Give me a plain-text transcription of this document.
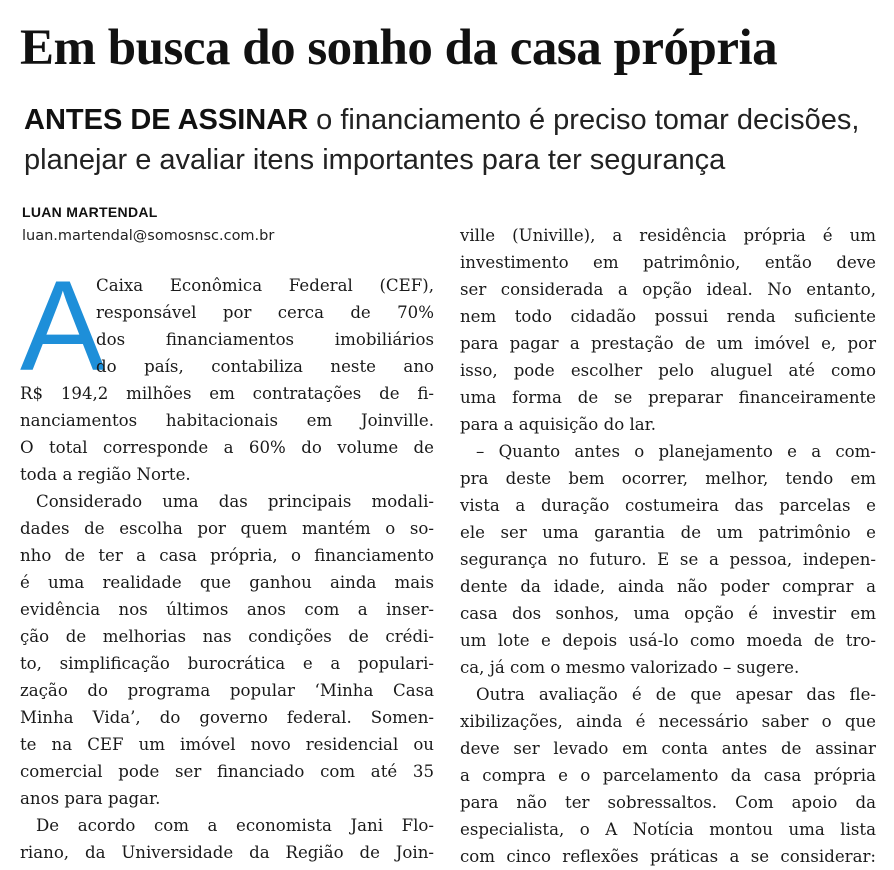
Em busca do sonho da casa própria
ANTES DE ASSINAR o financiamento é preciso tomar decisões,
planejar e avaliar itens importantes para ter segurança
LUAN MARTENDAL
luan.martendal@somosnsc.com.br
A
Caixa Econômica Federal (CEF),
responsável por cerca de 70%
dos financiamentos imobiliários
do país, contabiliza neste ano
R$ 194,2 milhões em contratações de fi-
nanciamentos habitacionais em Joinville.
O total corresponde a 60% do volume de
toda a região Norte.
Considerado uma das principais modali-
dades de escolha por quem mantém o so-
nho de ter a casa própria, o financiamento
é uma realidade que ganhou ainda mais
evidência nos últimos anos com a inser-
ção de melhorias nas condições de crédi-
to, simplificação burocrática e a populari-
zação do programa popular ‘Minha Casa
Minha Vida’, do governo federal. Somen-
te na CEF um imóvel novo residencial ou
comercial pode ser financiado com até 35
anos para pagar.
De acordo com a economista Jani Flo-
riano, da Universidade da Região de Join-
ville (Univille), a residência própria é um
investimento em patrimônio, então deve
ser considerada a opção ideal. No entanto,
nem todo cidadão possui renda suficiente
para pagar a prestação de um imóvel e, por
isso, pode escolher pelo aluguel até como
uma forma de se preparar financeiramente
para a aquisição do lar.
– Quanto antes o planejamento e a com-
pra deste bem ocorrer, melhor, tendo em
vista a duração costumeira das parcelas e
ele ser uma garantia de um patrimônio e
segurança no futuro. E se a pessoa, indepen-
dente da idade, ainda não poder comprar a
casa dos sonhos, uma opção é investir em
um lote e depois usá-lo como moeda de tro-
ca, já com o mesmo valorizado – sugere.
Outra avaliação é de que apesar das fle-
xibilizações, ainda é necessário saber o que
deve ser levado em conta antes de assinar
a compra e o parcelamento da casa própria
para não ter sobressaltos. Com apoio da
especialista, o A Notícia montou uma lista
com cinco reflexões práticas a se considerar:
